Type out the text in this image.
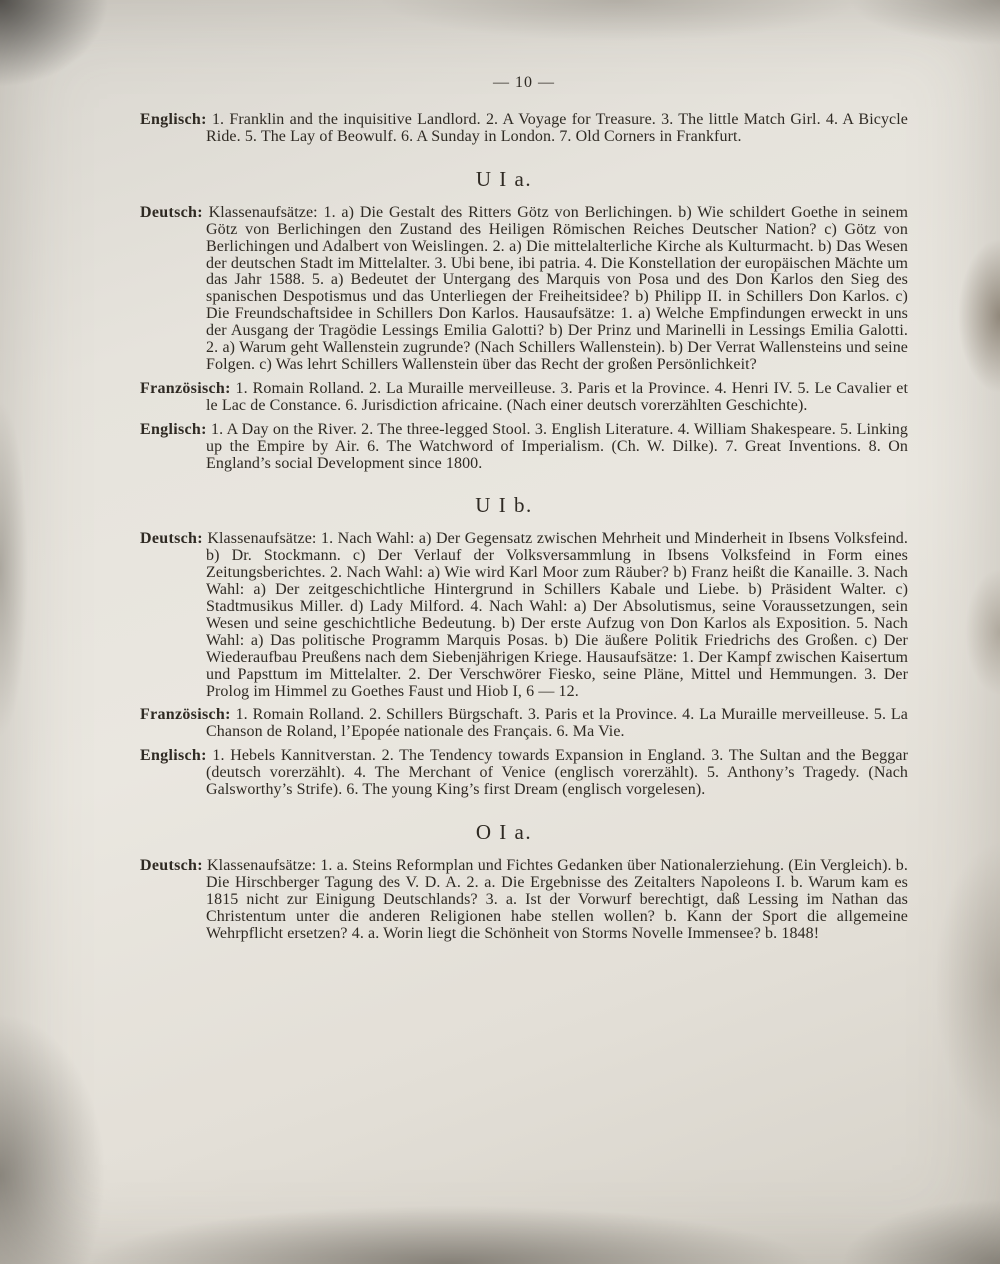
— 10 —

Englisch: 1. Franklin and the inquisitive Landlord. 2. A Voyage for Treasure. 3. The little Match Girl. 4. A Bicycle Ride. 5. The Lay of Beowulf. 6. A Sunday in London. 7. Old Corners in Frankfurt.

U I a.

Deutsch: Klassenaufsätze: 1. a) Die Gestalt des Ritters Götz von Berlichingen. b) Wie schildert Goethe in seinem Götz von Berlichingen den Zustand des Heiligen Römischen Reiches Deutscher Nation? c) Götz von Berlichingen und Adalbert von Weislingen. 2. a) Die mittelalterliche Kirche als Kulturmacht. b) Das Wesen der deutschen Stadt im Mittelalter. 3. Ubi bene, ibi patria. 4. Die Konstellation der europäischen Mächte um das Jahr 1588. 5. a) Bedeutet der Untergang des Marquis von Posa und des Don Karlos den Sieg des spanischen Despotismus und das Unterliegen der Freiheitsidee? b) Philipp II. in Schillers Don Karlos. c) Die Freundschaftsidee in Schillers Don Karlos. Hausaufsätze: 1. a) Welche Empfindungen erweckt in uns der Ausgang der Tragödie Lessings Emilia Galotti? b) Der Prinz und Marinelli in Lessings Emilia Galotti. 2. a) Warum geht Wallenstein zugrunde? (Nach Schillers Wallenstein). b) Der Verrat Wallensteins und seine Folgen. c) Was lehrt Schillers Wallenstein über das Recht der großen Persönlichkeit?

Französisch: 1. Romain Rolland. 2. La Muraille merveilleuse. 3. Paris et la Province. 4. Henri IV. 5. Le Cavalier et le Lac de Constance. 6. Jurisdiction africaine. (Nach einer deutsch vorerzählten Geschichte).

Englisch: 1. A Day on the River. 2. The three-legged Stool. 3. English Literature. 4. William Shakespeare. 5. Linking up the Empire by Air. 6. The Watchword of Imperialism. (Ch. W. Dilke). 7. Great Inventions. 8. On England’s social Development since 1800.

U I b.

Deutsch: Klassenaufsätze: 1. Nach Wahl: a) Der Gegensatz zwischen Mehrheit und Minderheit in Ibsens Volksfeind. b) Dr. Stockmann. c) Der Verlauf der Volksversammlung in Ibsens Volksfeind in Form eines Zeitungsberichtes. 2. Nach Wahl: a) Wie wird Karl Moor zum Räuber? b) Franz heißt die Kanaille. 3. Nach Wahl: a) Der zeitgeschichtliche Hintergrund in Schillers Kabale und Liebe. b) Präsident Walter. c) Stadtmusikus Miller. d) Lady Milford. 4. Nach Wahl: a) Der Absolutismus, seine Voraussetzungen, sein Wesen und seine geschichtliche Bedeutung. b) Der erste Aufzug von Don Karlos als Exposition. 5. Nach Wahl: a) Das politische Programm Marquis Posas. b) Die äußere Politik Friedrichs des Großen. c) Der Wiederaufbau Preußens nach dem Siebenjährigen Kriege. Hausaufsätze: 1. Der Kampf zwischen Kaisertum und Papsttum im Mittelalter. 2. Der Verschwörer Fiesko, seine Pläne, Mittel und Hemmungen. 3. Der Prolog im Himmel zu Goethes Faust und Hiob I, 6 — 12.

Französisch: 1. Romain Rolland. 2. Schillers Bürgschaft. 3. Paris et la Province. 4. La Muraille merveilleuse. 5. La Chanson de Roland, l’Epopée nationale des Français. 6. Ma Vie.

Englisch: 1. Hebels Kannitverstan. 2. The Tendency towards Expansion in England. 3. The Sultan and the Beggar (deutsch vorerzählt). 4. The Merchant of Venice (englisch vorerzählt). 5. Anthony’s Tragedy. (Nach Galsworthy’s Strife). 6. The young King’s first Dream (englisch vorgelesen).

O I a.

Deutsch: Klassenaufsätze: 1. a. Steins Reformplan und Fichtes Gedanken über Nationalerziehung. (Ein Vergleich). b. Die Hirschberger Tagung des V. D. A. 2. a. Die Ergebnisse des Zeitalters Napoleons I. b. Warum kam es 1815 nicht zur Einigung Deutschlands? 3. a. Ist der Vorwurf berechtigt, daß Lessing im Nathan das Christentum unter die anderen Religionen habe stellen wollen? b. Kann der Sport die allgemeine Wehrpflicht ersetzen? 4. a. Worin liegt die Schönheit von Storms Novelle Immensee? b. 1848!
